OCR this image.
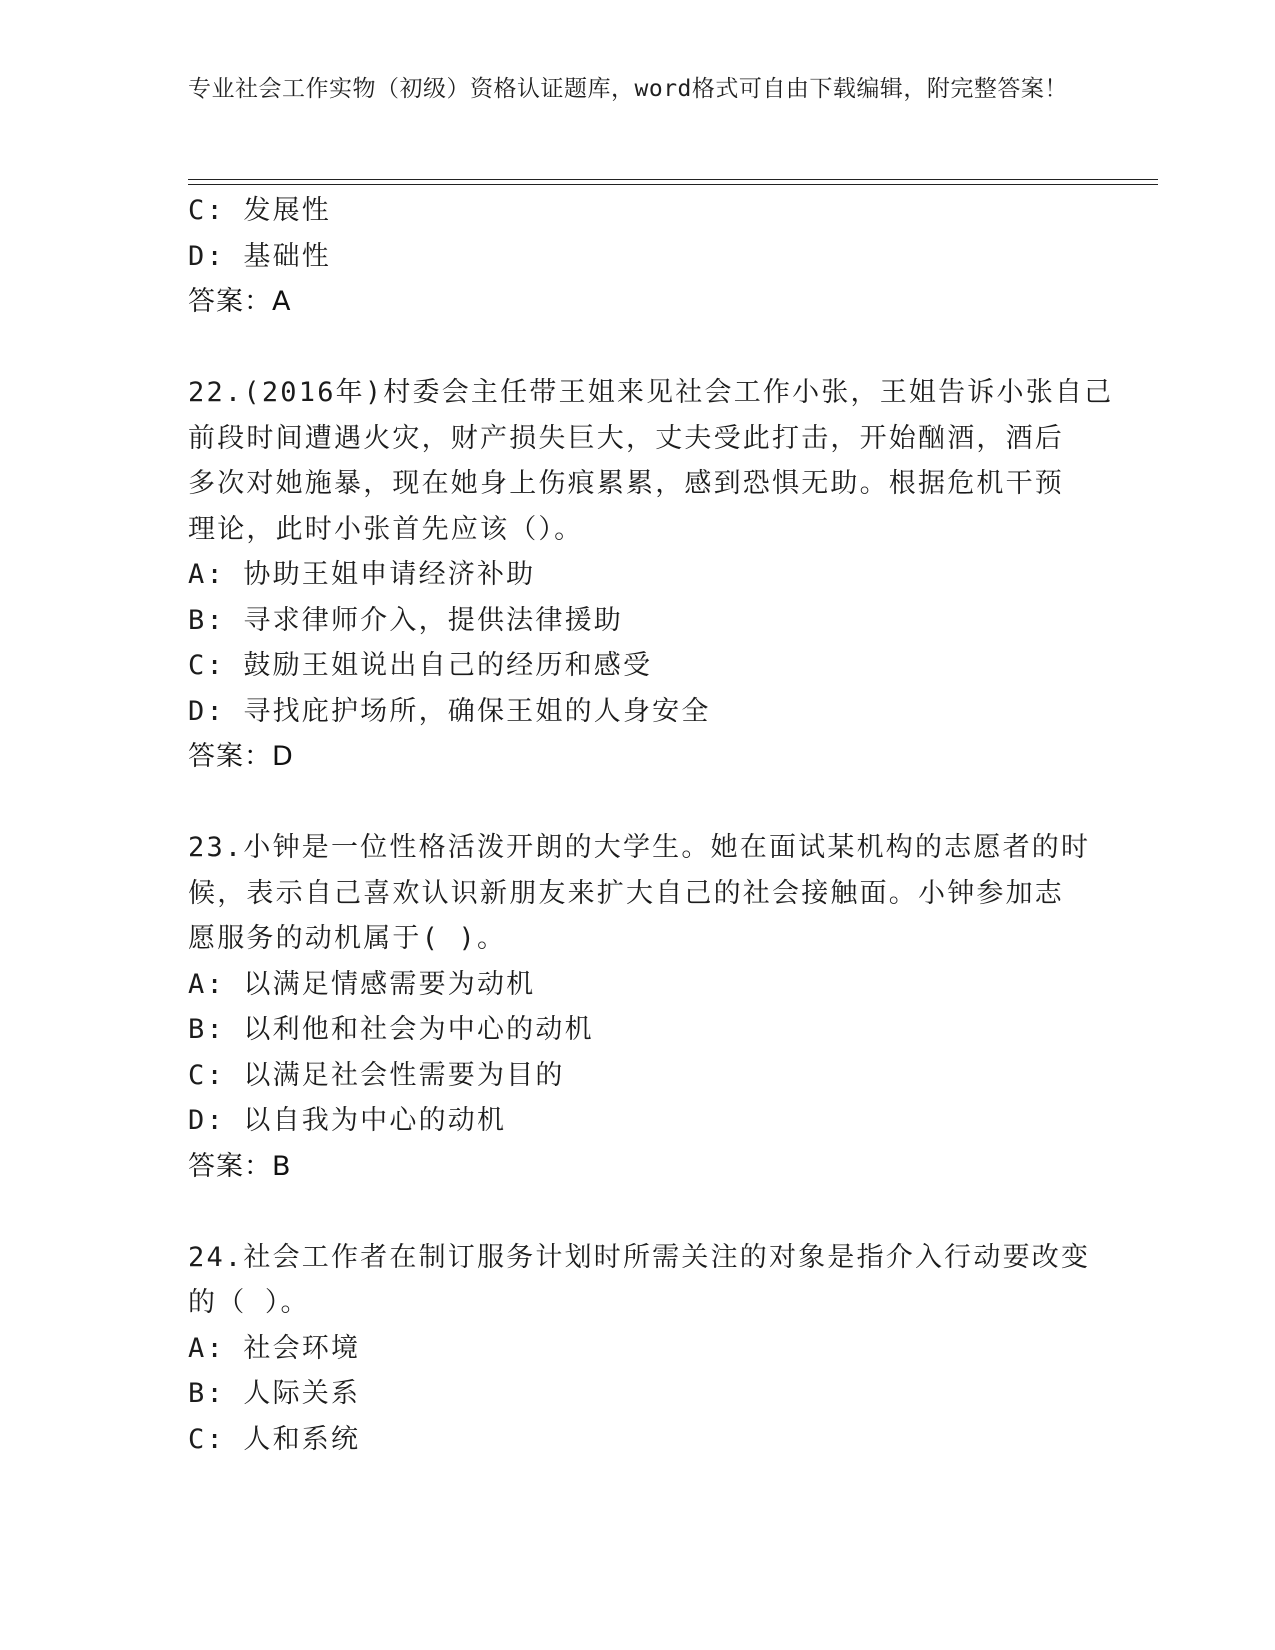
专业社会工作实物（初级）资格认证题库，word格式可自由下载编辑，附完整答案！
C: 发展性
D: 基础性
答案：A
22.(2016年)村委会主任带王姐来见社会工作小张，王姐告诉小张自己
前段时间遭遇火灾，财产损失巨大，丈夫受此打击，开始酗酒，酒后
多次对她施暴，现在她身上伤痕累累，感到恐惧无助。根据危机干预
理论，此时小张首先应该（）。
A: 协助王姐申请经济补助
B: 寻求律师介入，提供法律援助
C: 鼓励王姐说出自己的经历和感受
D: 寻找庇护场所，确保王姐的人身安全
答案：D
23.小钟是一位性格活泼开朗的大学生。她在面试某机构的志愿者的时
候，表示自己喜欢认识新朋友来扩大自己的社会接触面。小钟参加志
愿服务的动机属于( )。
A: 以满足情感需要为动机
B: 以利他和社会为中心的动机
C: 以满足社会性需要为目的
D: 以自我为中心的动机
答案：B
24.社会工作者在制订服务计划时所需关注的对象是指介入行动要改变
的（ ）。
A: 社会环境
B: 人际关系
C: 人和系统
